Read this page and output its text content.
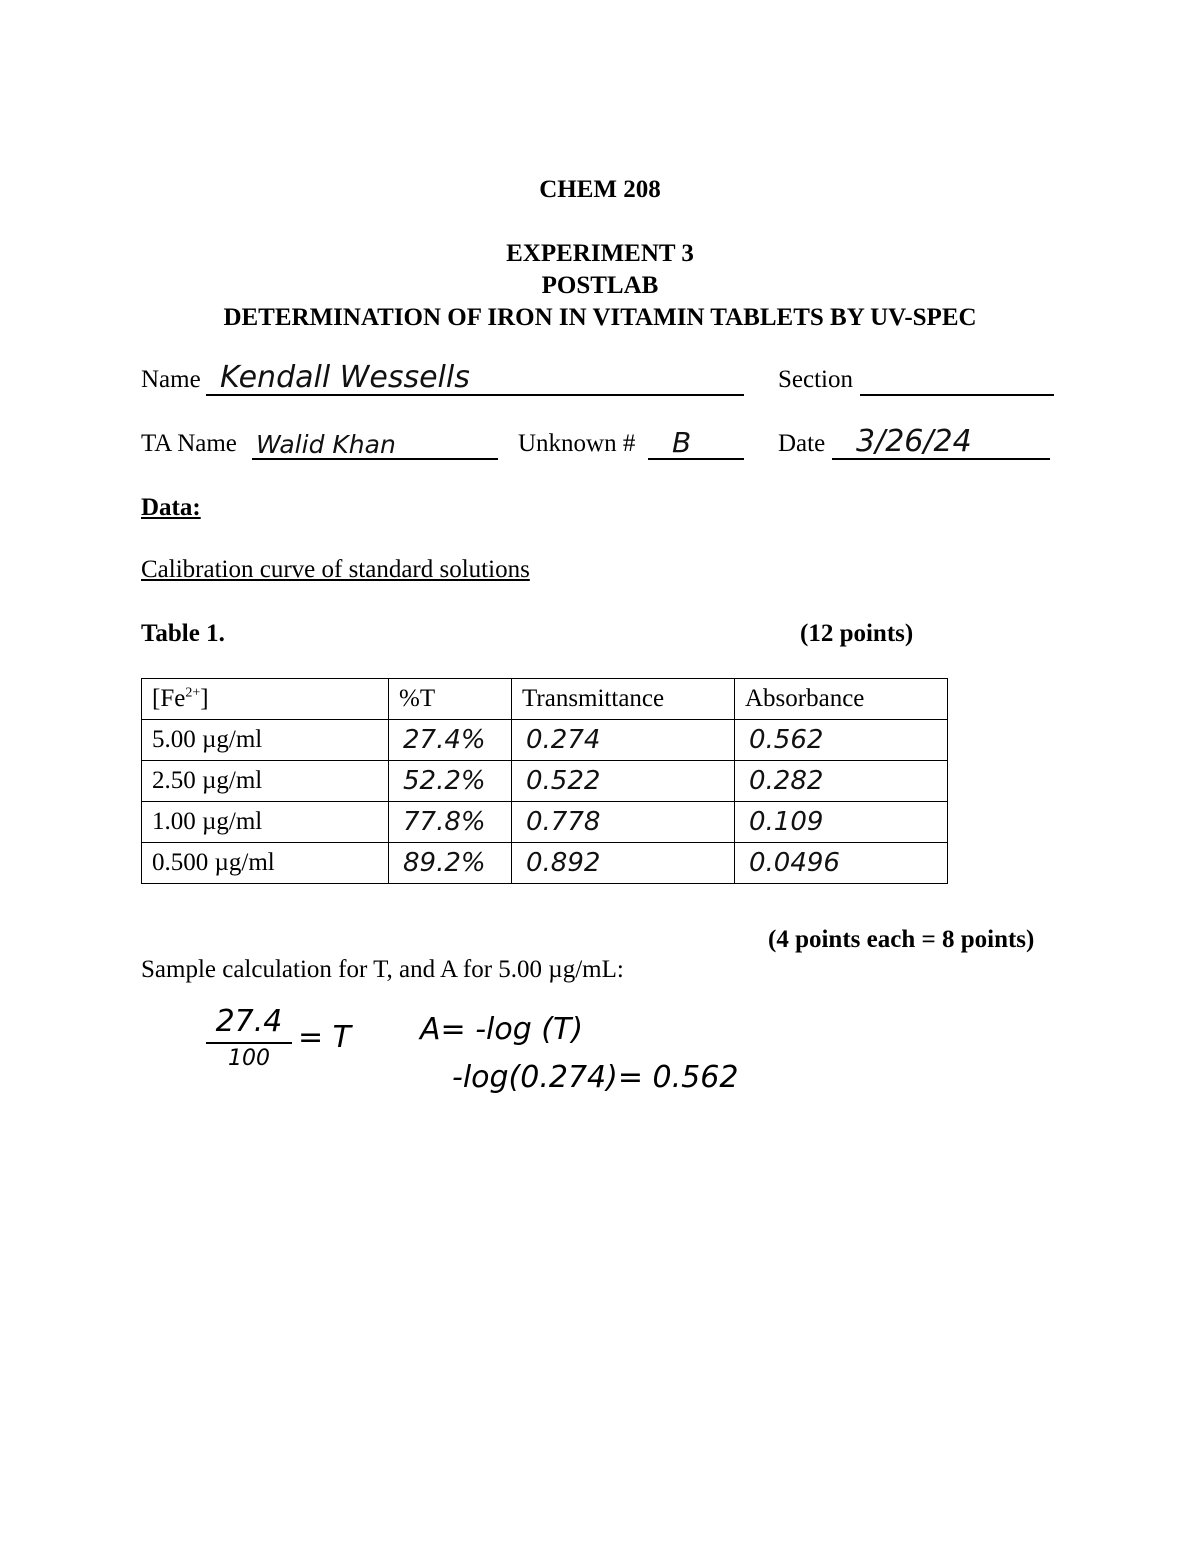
CHEM 208
EXPERIMENT 3
POSTLAB
DETERMINATION OF IRON IN VITAMIN TABLETS BY UV-SPEC
Name Kendall Wessells	Section
TA Name Walid Khan	Unknown # B	Date 3/26/24
Data:
Calibration curve of standard solutions
Table 1.	(12 points)
$[Fe^{2+}]$	%T	Transmittance	Absorbance
5.00 µg/ml	27.4%	0.274	0.562
2.50 µg/ml	52.2%	0.522	0.282
1.00 µg/ml	77.8%	0.778	0.109
0.500 µg/ml	89.2%	0.892	0.0496
(4 points each = 8 points)
Sample calculation for T, and A for 5.00 µg/mL:
27.4
100
= T A= -log (T)
-log(0.274)= 0.562
